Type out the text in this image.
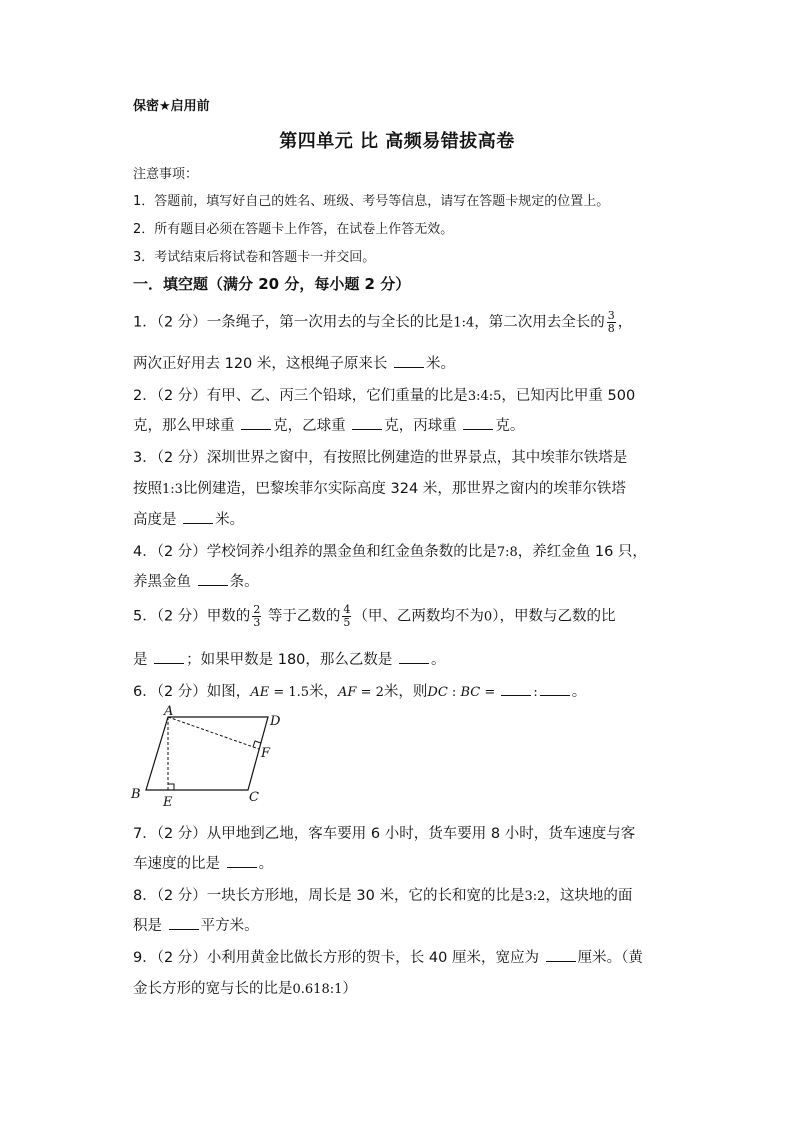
保密★启用前
第四单元 比 高频易错拔高卷
注意事项：
1．答题前，填写好自己的姓名、班级、考号等信息，请写在答题卡规定的位置上。
2．所有题目必须在答题卡上作答，在试卷上作答无效。
3．考试结束后将试卷和答题卡一并交回。
一．填空题（满分 20 分，每小题 2 分）
1．（2 分）一条绳子，第一次用去的与全长的比是1:4，第二次用去全长的 $\frac{3}{8}$ ，
两次正好用去 120 米，这根绳子原来长	米。
2．（2 分）有甲、乙、丙三个铅球，它们重量的比是3:4:5，已知丙比甲重 500
克，那么甲球重	克，乙球重	克，丙球重	克。
3．（2 分）深圳世界之窗中，有按照比例建造的世界景点，其中埃菲尔铁塔是
按照1:3比例建造，巴黎埃菲尔实际高度 324 米，那世界之窗内的埃菲尔铁塔
高度是	米。
4．（2 分）学校饲养小组养的黑金鱼和红金鱼条数的比是7:8，养红金鱼 16 只，
养黑金鱼	条。
5．（2 分）甲数的 $\frac{2}{3}$ 等于乙数的 $\frac{4}{5}$ （甲、乙两数均不为0），甲数与乙数的比
是	；如果甲数是 180，那么乙数是	。
6．（2 分）如图，AE = 1.5米，AF = 2米，则DC : BC =	: 。
A
D
B	C
E
F
7．（2 分）从甲地到乙地，客车要用 6 小时，货车要用 8 小时，货车速度与客
车速度的比是	。
8．（2 分）一块长方形地，周长是 30 米，它的长和宽的比是3:2，这块地的面
积是	平方米。
9．（2 分）小利用黄金比做长方形的贺卡，长 40 厘米，宽应为	厘米。（黄
金长方形的宽与长的比是0.618:1）
